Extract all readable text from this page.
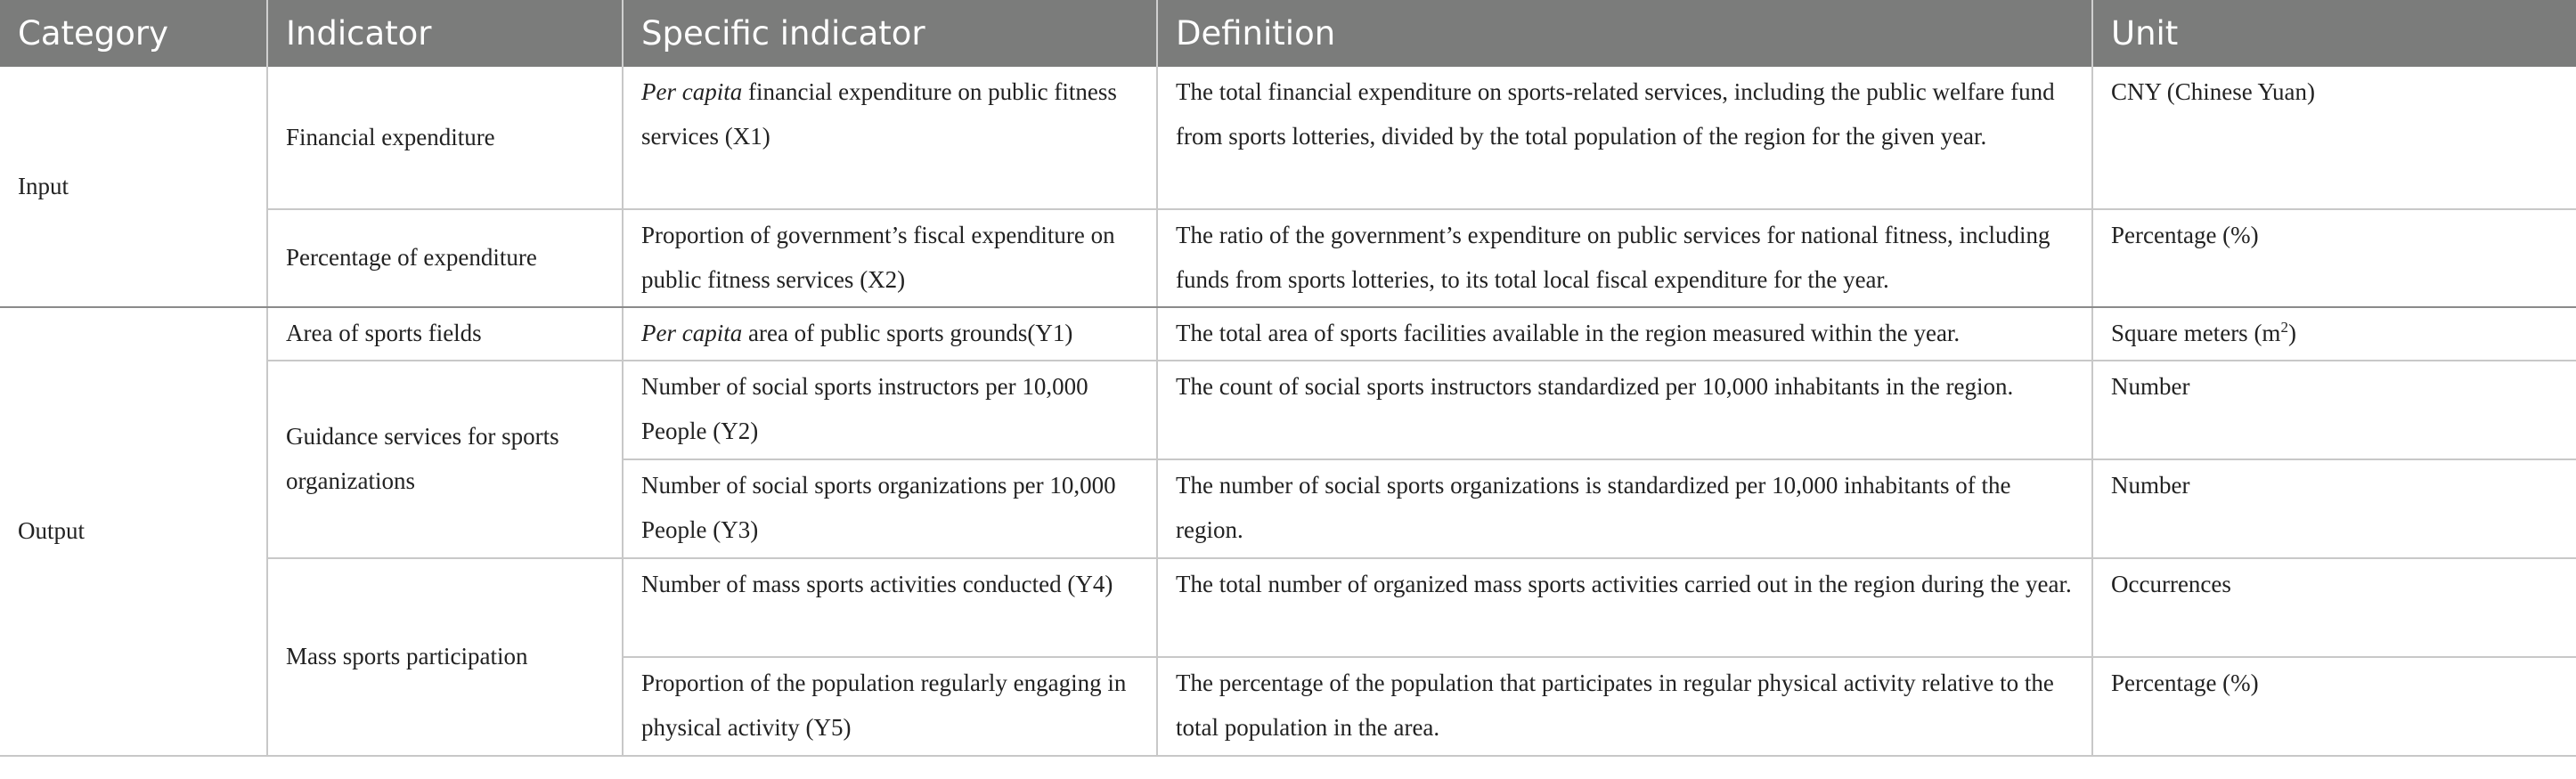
Category	Indicator	Specific indicator	Definition	Unit
Input	Financial expenditure	Per capita financial expenditure on public fitness services (X1)	The total financial expenditure on sports-related services, including the public welfare fund from sports lotteries, divided by the total population of the region for the given year.	CNY (Chinese Yuan)
	Percentage of expenditure	Proportion of government’s fiscal expenditure on public fitness services (X2)	The ratio of the government’s expenditure on public services for national fitness, including funds from sports lotteries, to its total local fiscal expenditure for the year.	Percentage (%)
Output	Area of sports fields	Per capita area of public sports grounds(Y1)	The total area of sports facilities available in the region measured within the year.	Square meters $(m^2)$
	Guidance services for sports organizations	Number of social sports instructors per 10,000 People (Y2)	The count of social sports instructors standardized per 10,000 inhabitants in the region.	Number
		Number of social sports organizations per 10,000 People (Y3)	The number of social sports organizations is standardized per 10,000 inhabitants of the region.	Number
	Mass sports participation	Number of mass sports activities conducted (Y4)	The total number of organized mass sports activities carried out in the region during the year.	Occurrences
		Proportion of the population regularly engaging in physical activity (Y5)	The percentage of the population that participates in regular physical activity relative to the total population in the area.	Percentage (%)
